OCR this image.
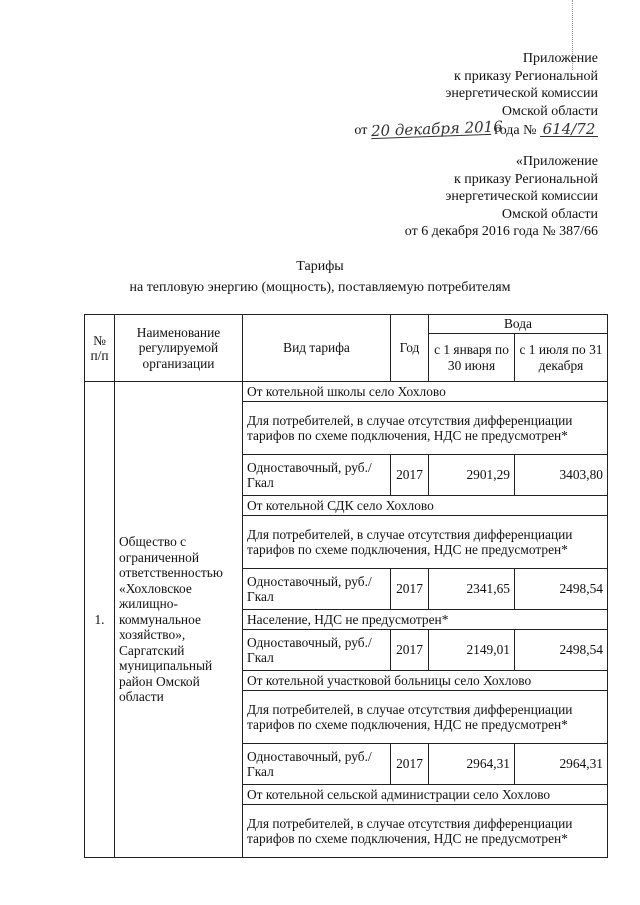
Приложение
к приказу Региональной
энергетической комиссии
Омской области
от 20 декабря 2016 года № 614/72
«Приложение
к приказу Региональной
энергетической комиссии
Омской области
от 6 декабря 2016 года № 387/66
Тарифы
на тепловую энергию (мощность), поставляемую потребителям
№ п/п	Наименование регулируемой организации	Вид тарифа	Год	Вода	
				с 1 января по 30 июня	с 1 июля по 31 декабря
1.	Общество с ограниченной ответственностью «Хохловское жилищно-коммунальное хозяйство», Саргатский муниципальный район Омской области	От котельной школы село Хохлово			
		Для потребителей, в случае отсутствия дифференциации тарифов по схеме подключения, НДС не предусмотрен*			
		Одноставочный, руб./Гкал	2017	2901,29	3403,80
		От котельной СДК село Хохлово			
		Для потребителей, в случае отсутствия дифференциации тарифов по схеме подключения, НДС не предусмотрен*			
		Одноставочный, руб./Гкал	2017	2341,65	2498,54
		Население, НДС не предусмотрен*			
		Одноставочный, руб./Гкал	2017	2149,01	2498,54
		От котельной участковой больницы село Хохлово			
		Для потребителей, в случае отсутствия дифференциации тарифов по схеме подключения, НДС не предусмотрен*			
		Одноставочный, руб./Гкал	2017	2964,31	2964,31
		От котельной сельской администрации село Хохлово			
		Для потребителей, в случае отсутствия дифференциации тарифов по схеме подключения, НДС не предусмотрен*			
